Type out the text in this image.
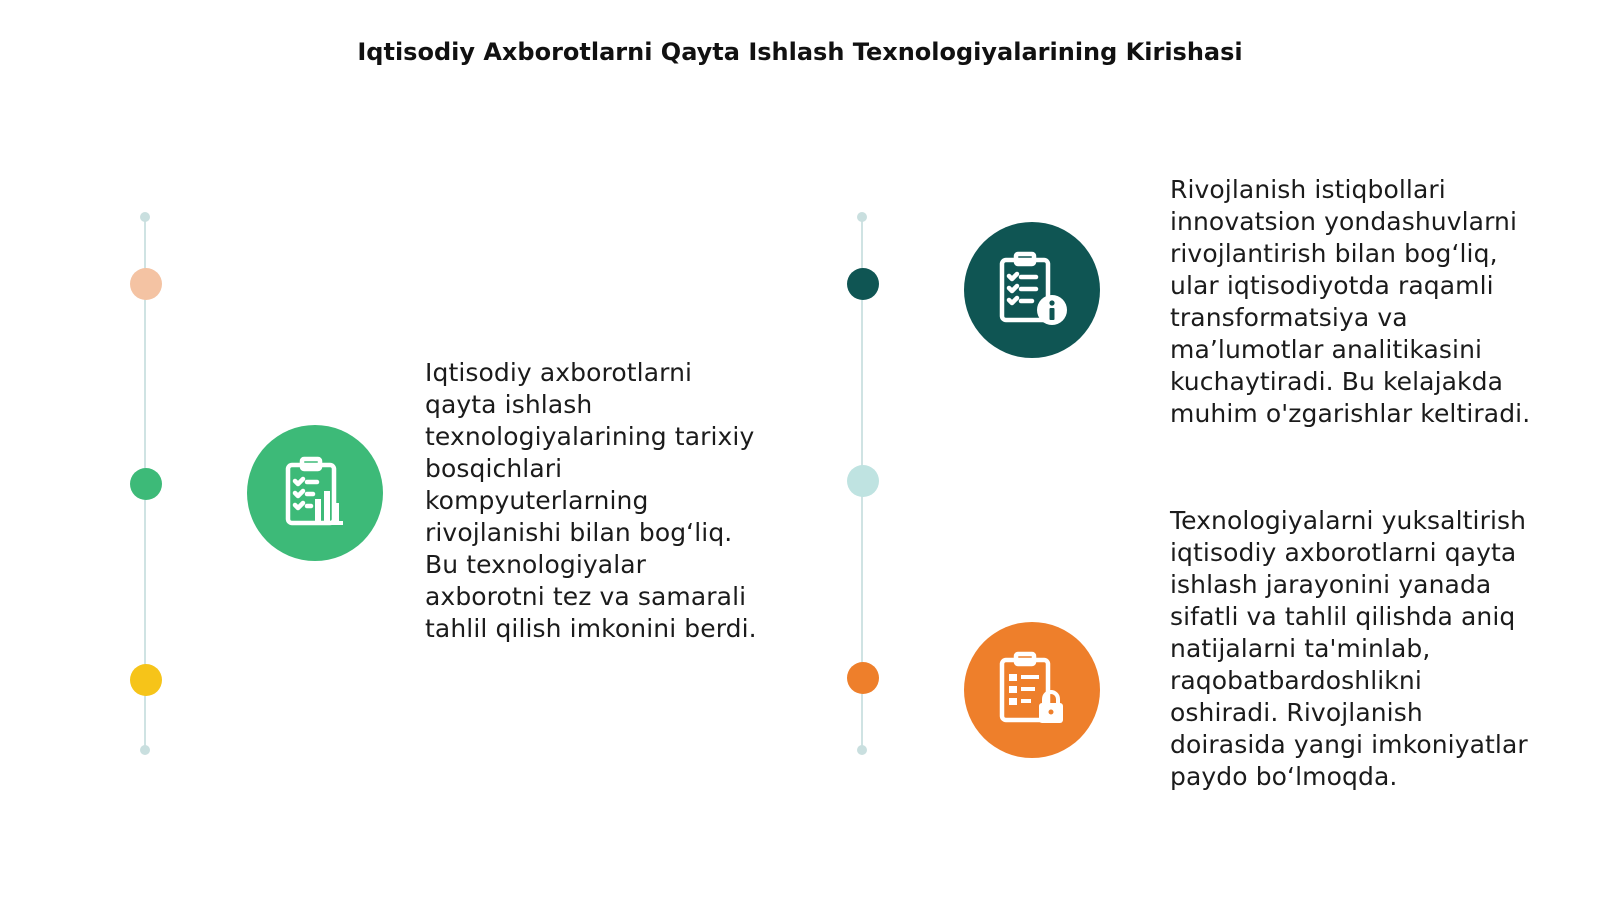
Iqtisodiy Axborotlarni Qayta Ishlash Texnologiyalarining Kirishasi
Iqtisodiy axborotlarni qayta ishlash texnologiyalarining tarixiy bosqichlari kompyuterlarning rivojlanishi bilan bog‘liq. Bu texnologiyalar axborotni tez va samarali tahlil qilish imkonini berdi.
Rivojlanish istiqbollari innovatsion yondashuvlarni rivojlantirish bilan bog‘liq, ular iqtisodiyotda raqamli transformatsiya va ma’lumotlar analitikasini kuchaytiradi. Bu kelajakda muhim o'zgarishlar keltiradi.
Texnologiyalarni yuksaltirish iqtisodiy axborotlarni qayta ishlash jarayonini yanada sifatli va tahlil qilishda aniq natijalarni ta'minlab, raqobatbardoshlikni oshiradi. Rivojlanish doirasida yangi imkoniyatlar paydo bo‘lmoqda.
